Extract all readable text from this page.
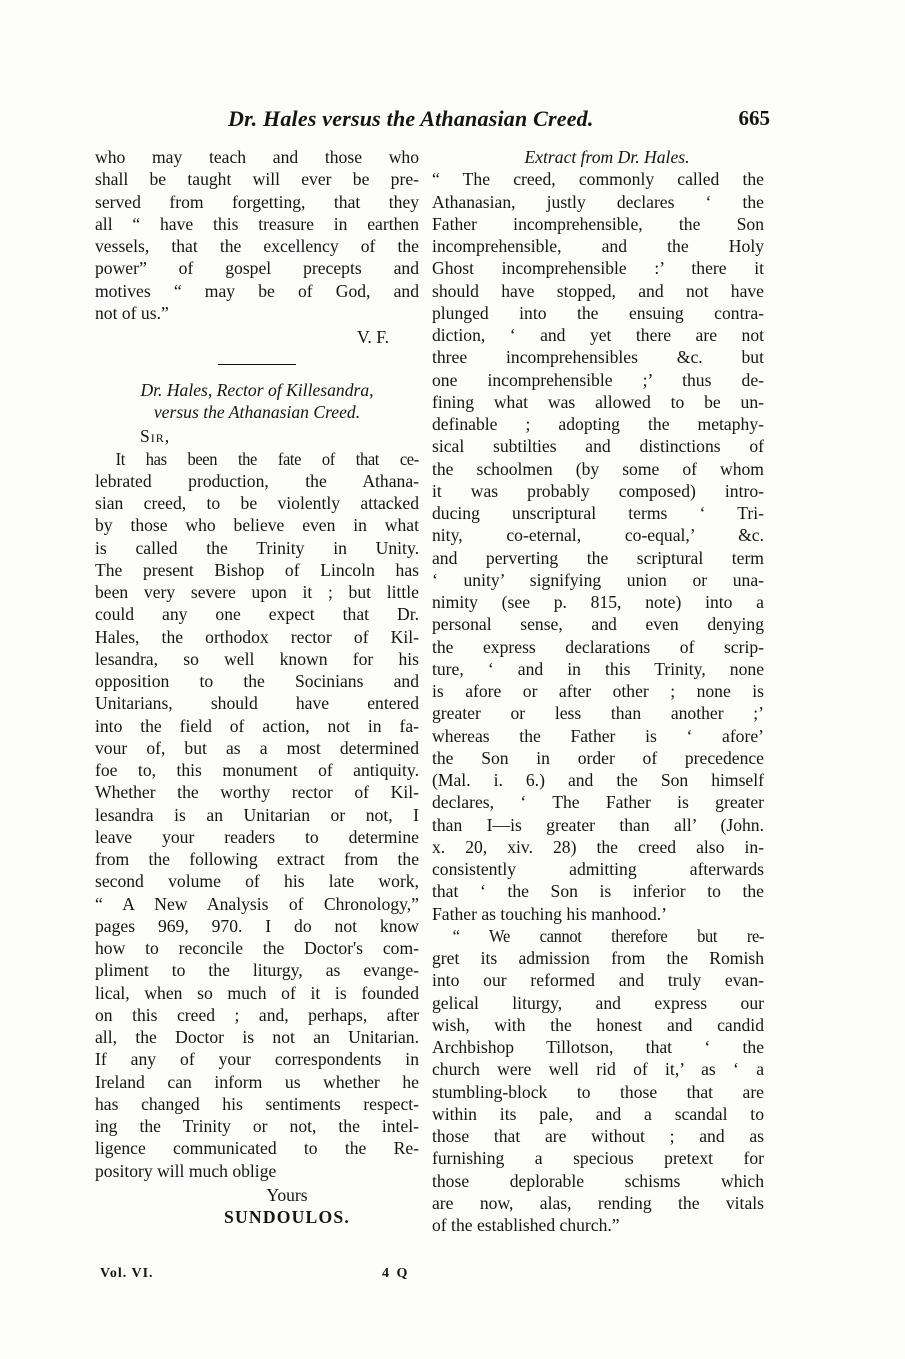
Dr. Hales versus the Athanasian Creed.	665

who may teach and those who
shall be taught will ever be pre-
served from forgetting, that they
all “ have this treasure in earthen
vessels, that the excellency of the
power” of gospel precepts and
motives “ may be of God, and
not of us.”

V. F.
Dr. Hales, Rector of Killesandra,
versus the Athanasian Creed.
Sir,

It has been the fate of that ce-
lebrated production, the Athana-
sian creed, to be violently attacked
by those who believe even in what
is called the Trinity in Unity.
The present Bishop of Lincoln has
been very severe upon it ; but little
could any one expect that Dr.
Hales, the orthodox rector of Kil-
lesandra, so well known for his
opposition to the Socinians and
Unitarians, should have entered
into the field of action, not in fa-
vour of, but as a most determined
foe to, this monument of antiquity.
Whether the worthy rector of Kil-
lesandra is an Unitarian or not, I
leave your readers to determine
from the following extract from the
second volume of his late work,
“ A New Analysis of Chronology,”
pages 969, 970. I do not know
how to reconcile the Doctor's com-
pliment to the liturgy, as evange-
lical, when so much of it is founded
on this creed ; and, perhaps, after
all, the Doctor is not an Unitarian.
If any of your correspondents in
Ireland can inform us whether he
has changed his sentiments respect-
ing the Trinity or not, the intel-
ligence communicated to the Re-
pository will much oblige

Yours
SUNDOULOS.
Extract from Dr. Hales.

“ The creed, commonly called the
Athanasian, justly declares ‘ the
Father incomprehensible, the Son
incomprehensible, and the Holy
Ghost incomprehensible :’ there it
should have stopped, and not have
plunged into the ensuing contra-
diction, ‘ and yet there are not
three incomprehensibles &c. but
one incomprehensible ;’ thus de-
fining what was allowed to be un-
definable ; adopting the metaphy-
sical subtilties and distinctions of
the schoolmen (by some of whom
it was probably composed) intro-
ducing unscriptural terms ‘ Tri-
nity, co-eternal, co-equal,’ &c.
and perverting the scriptural term
‘ unity’ signifying union or una-
nimity (see p. 815, note) into a
personal sense, and even denying
the express declarations of scrip-
ture, ‘ and in this Trinity, none
is afore or after other ; none is
greater or less than another ;’
whereas the Father is ‘ afore’
the Son in order of precedence
(Mal. i. 6.) and the Son himself
declares, ‘ The Father is greater
than I—is greater than all’ (John.
x. 20, xiv. 28) the creed also in-
consistently admitting afterwards
that ‘ the Son is inferior to the
Father as touching his manhood.’

“ We cannot therefore but re-
gret its admission from the Romish
into our reformed and truly evan-
gelical liturgy, and express our
wish, with the honest and candid
Archbishop Tillotson, that ‘ the
church were well rid of it,’ as ‘ a
stumbling-block to those that are
within its pale, and a scandal to
those that are without ; and as
furnishing a specious pretext for
those deplorable schisms which
are now, alas, rending the vitals
of the established church.”

Vol. VI.	4 Q
